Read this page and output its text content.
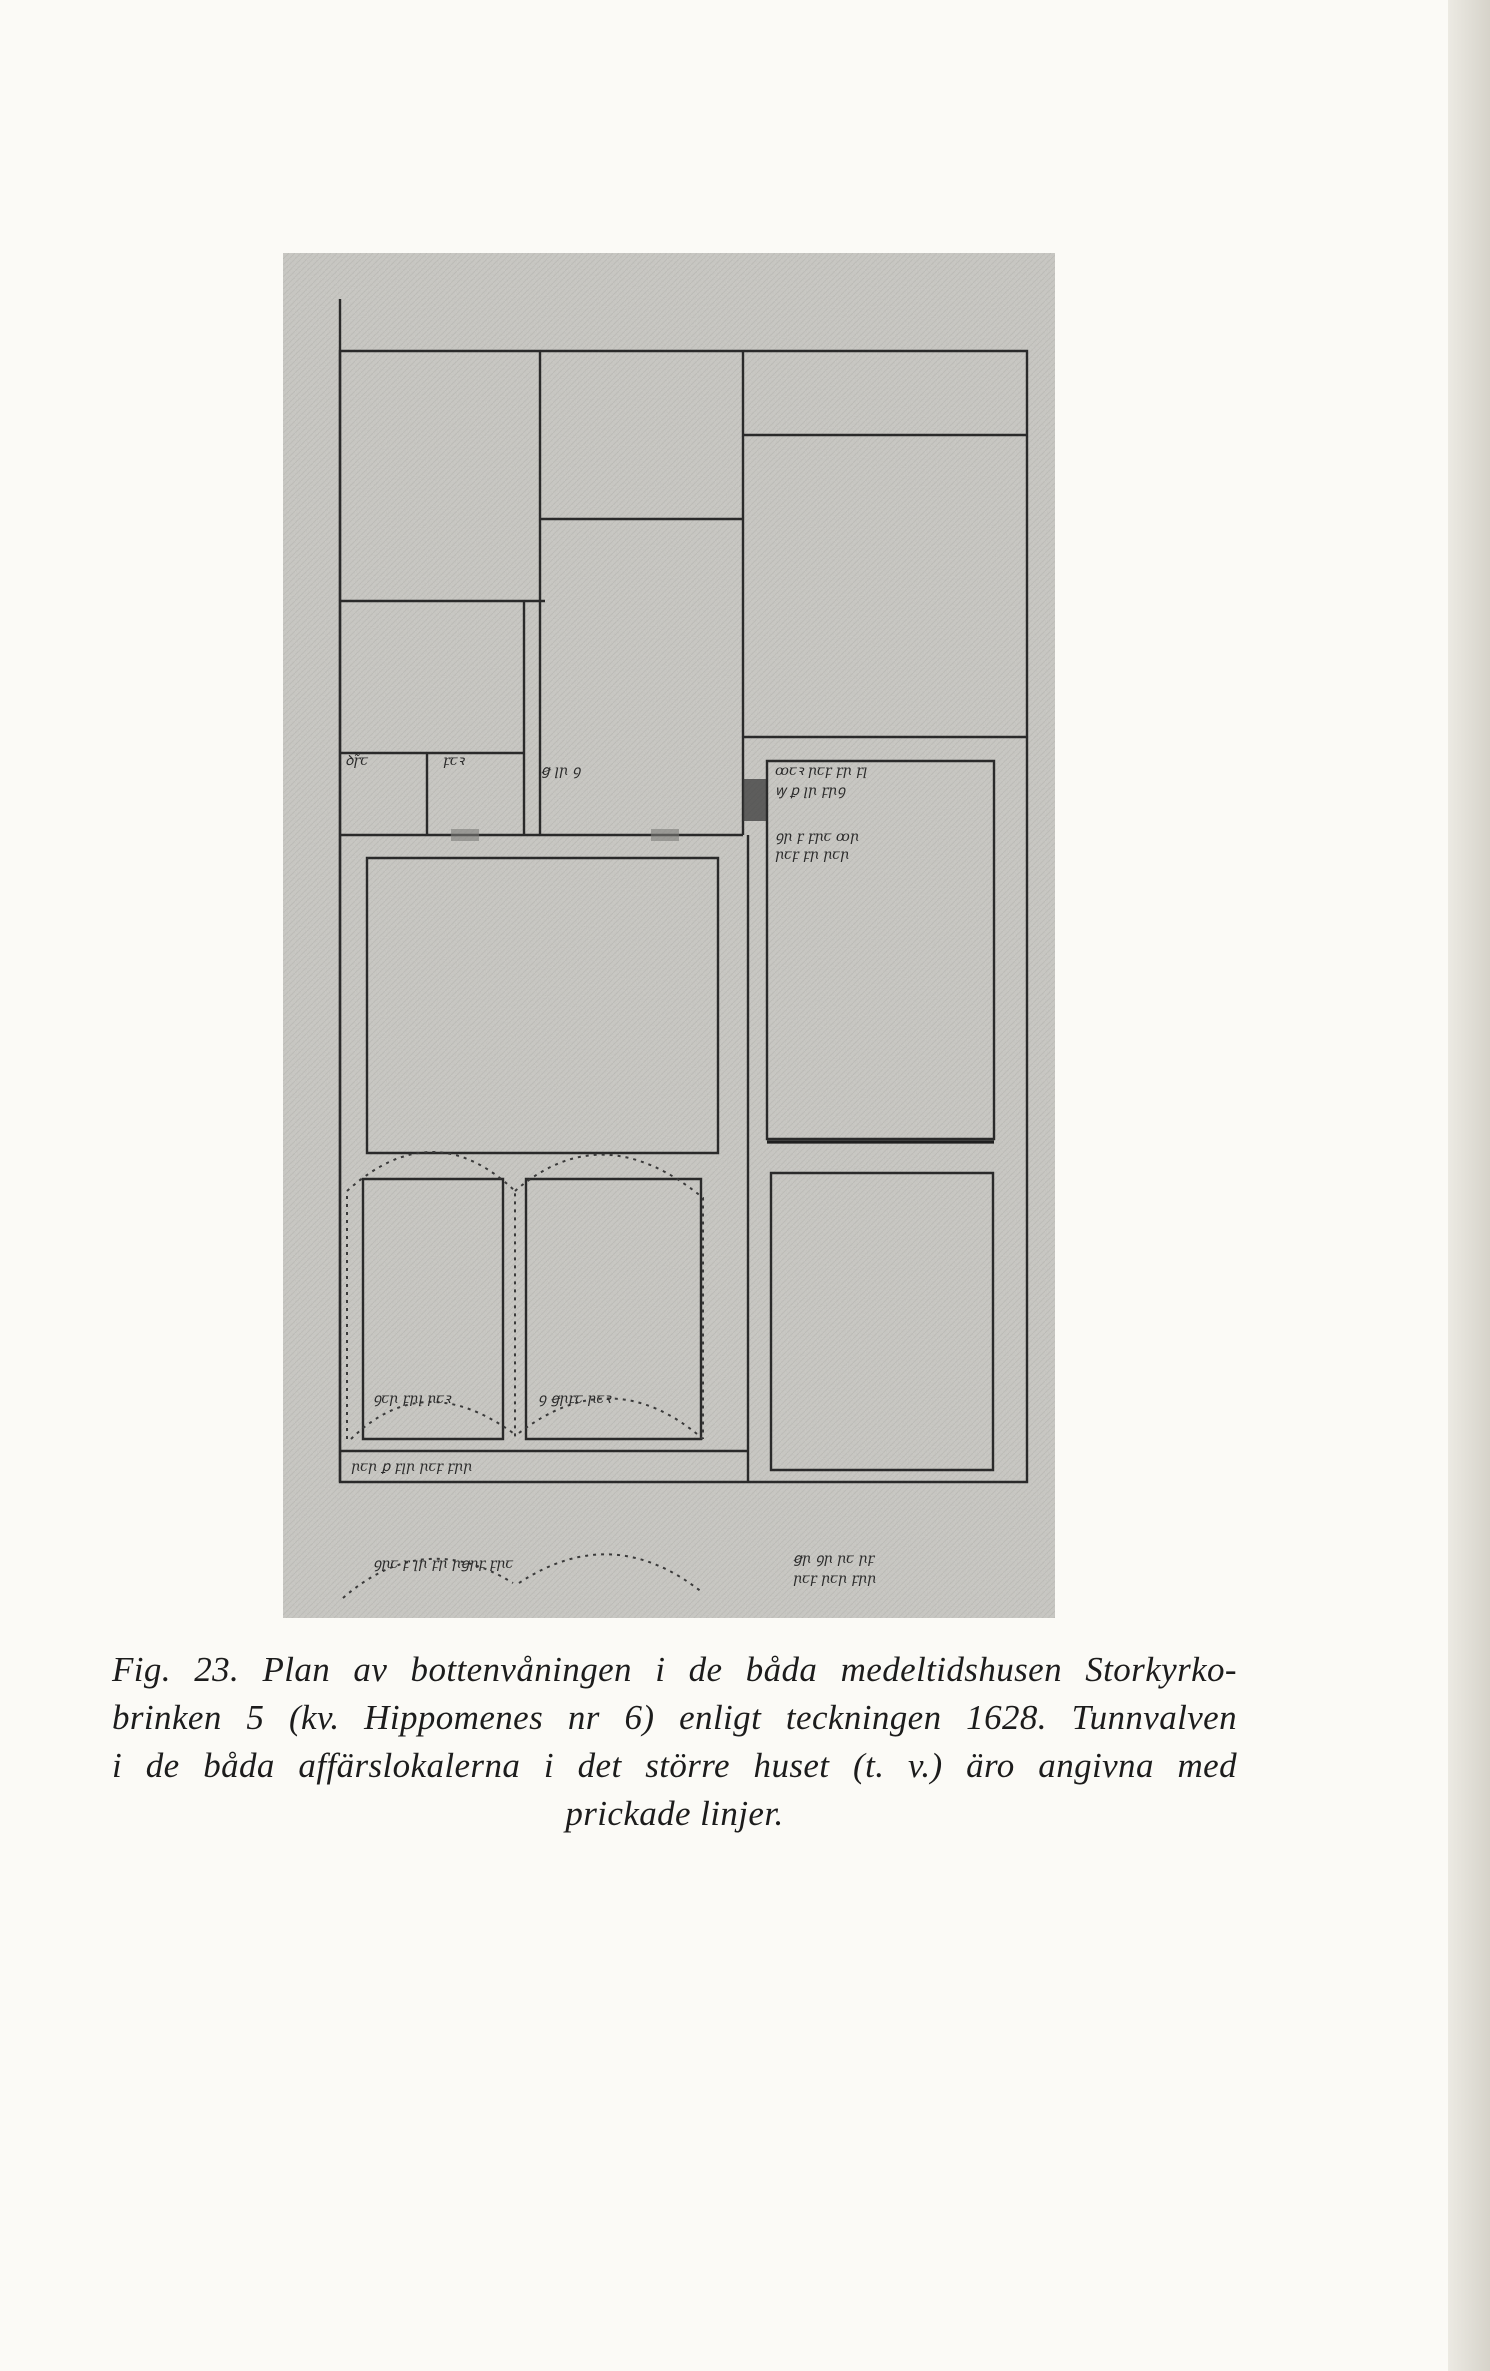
ꝺɼ̃ꞇ	ꝼꞇꝛ
ꞡ ꞁꞃ ꝯ	ꝏꞇꝛ ꞃꞇꝼ ꝼꞃ ꝼꞁ
ꝡ ꝑ ꞁꞃ ꝼꞃꝯ
ꝯꞃ ꝼ ꝼꞃꞇ ꝏꞃ
ꞃꞇꝼ ꝼꞃ ꞃꞇꞃ
ꝯꞇꞃ ꝼꞃꞁ ꞃꞇꝛ	ꝯ ꞡꞃꝼꞇ ꞃꞇꝛ
ꞃꞇꞃ ꝑ ꝼꞁꞃ ꞃꞇꝼ ꝼꞃꞃ
ꝯꞃꞇ ꝼ ꞁꞃ ꝼꞃ ꞃꞡꞃꝼ ꝼꞃꞇ	ꞡꞃ ꝯꞃ ꞃꞇ ꞃꝼ
ꞃꞇꝼ ꞃꞇꞃ ꝼꞃꞃ
Fig. 23. Plan av bottenvåningen i de båda medeltidshusen Storkyrko-
brinken 5 (kv. Hippomenes nr 6) enligt teckningen 1628. Tunnvalven
i de båda affärslokalerna i det större huset (t. v.) äro angivna med
prickade linjer.
